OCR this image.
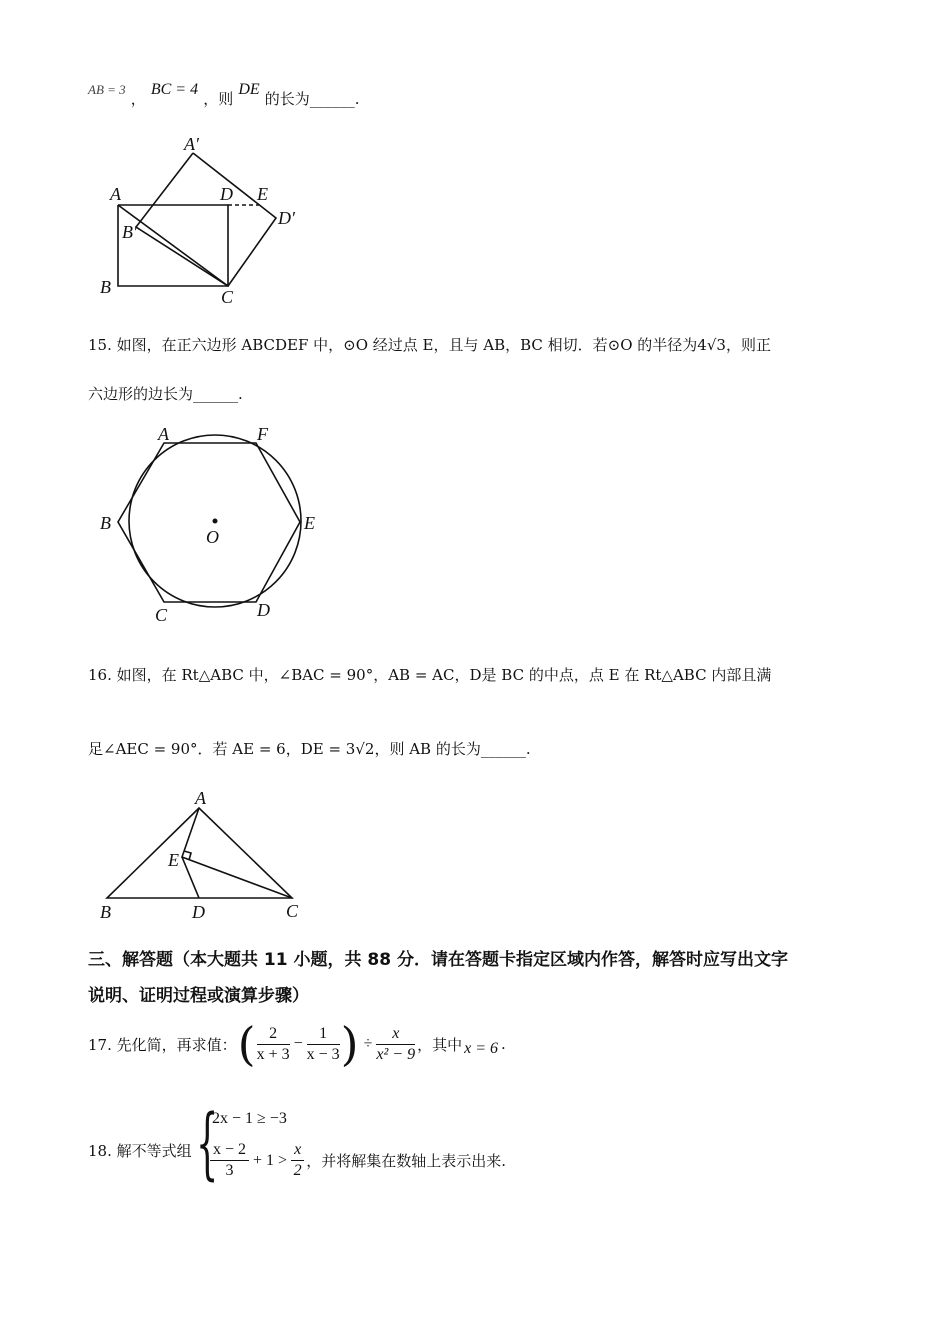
$_{AB = 3}$ ， BC = 4 ，则 DE 的长为______.
A′
A	D E
D′
B′
B	C
15. 如图，在正六边形 ABCDEF 中，⊙O 经过点 E，且与 AB，BC 相切．若⊙O 的半径为4√3，则正
六边形的边长为______.
A	F
B	E
O
C	D
16. 如图，在 Rt△ABC 中，∠BAC = 90°，AB = AC，D是 BC 的中点，点 E 在 Rt△ABC 内部且满
足∠AEC = 90°．若 AE = 6，DE = 3√2，则 AB 的长为______.
A
E
B	D	C
三、解答题（本大题共 11 小题，共 88 分．请在答题卡指定区域内作答，解答时应写出文字
说明、证明过程或演算步骤）
17. 先化简，再求值： ( $\frac{2}{x + 3} - \frac{1}{x - 3}$ ) ÷ $\frac{x}{\text{x² − 9}}$ ，其中 x = 6 .
18. 解不等式组 {
2x − 1 ≥ −3
$\frac{x - 2}{3} + 1 > \frac{x}{2}$ ，并将解集在数轴上表示出来.
